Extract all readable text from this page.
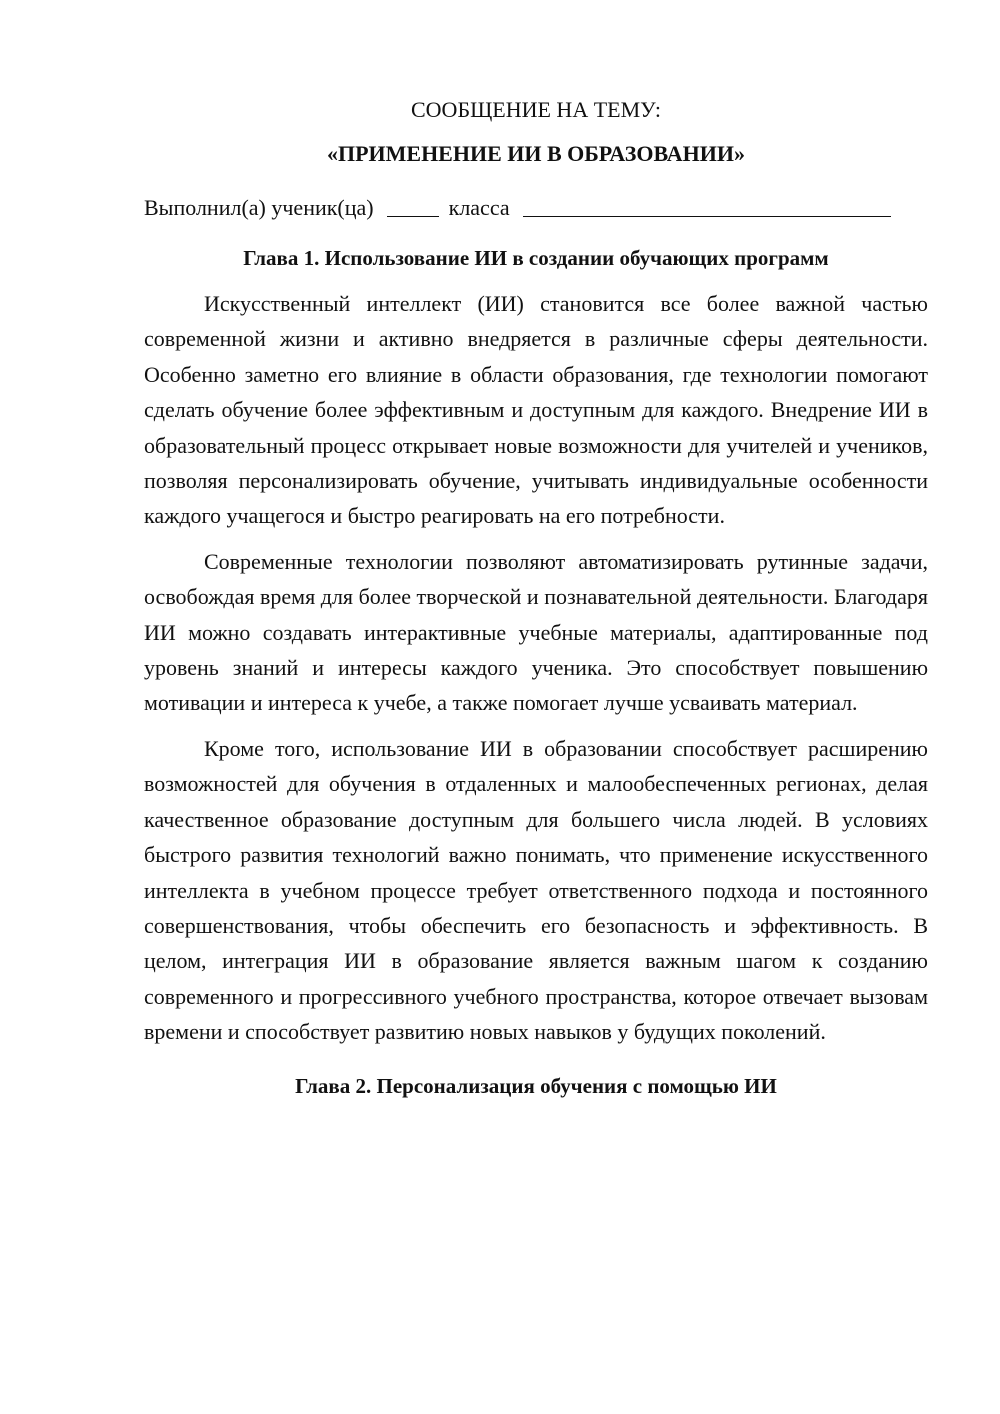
СООБЩЕНИЕ НА ТЕМУ:
«ПРИМЕНЕНИЕ ИИ В ОБРАЗОВАНИИ»

Выполнил(а) ученик(ца)	класса

Глава 1. Использование ИИ в создании обучающих программ

Искусственный интеллект (ИИ) становится все более важной частью современной жизни и активно внедряется в различные сферы деятельности. Особенно заметно его влияние в области образования, где технологии помогают сделать обучение более эффективным и доступным для каждого. Внедрение ИИ в образовательный процесс открывает новые возможности для учителей и учеников, позволяя персонализировать обучение, учитывать индивидуальные особенности каждого учащегося и быстро реагировать на его потребности.

Современные технологии позволяют автоматизировать рутинные задачи, освобождая время для более творческой и познавательной деятельности. Благодаря ИИ можно создавать интерактивные учебные материалы, адаптированные под уровень знаний и интересы каждого ученика. Это способствует повышению мотивации и интереса к учебе, а также помогает лучше усваивать материал.

Кроме того, использование ИИ в образовании способствует расширению возможностей для обучения в отдаленных и малообеспеченных регионах, делая качественное образование доступным для большего числа людей. В условиях быстрого развития технологий важно понимать, что применение искусственного интеллекта в учебном процессе требует ответственного подхода и постоянного совершенствования, чтобы обеспечить его безопасность и эффективность. В целом, интеграция ИИ в образование является важным шагом к созданию современного и прогрессивного учебного пространства, которое отвечает вызовам времени и способствует развитию новых навыков у будущих поколений.

Глава 2. Персонализация обучения с помощью ИИ
